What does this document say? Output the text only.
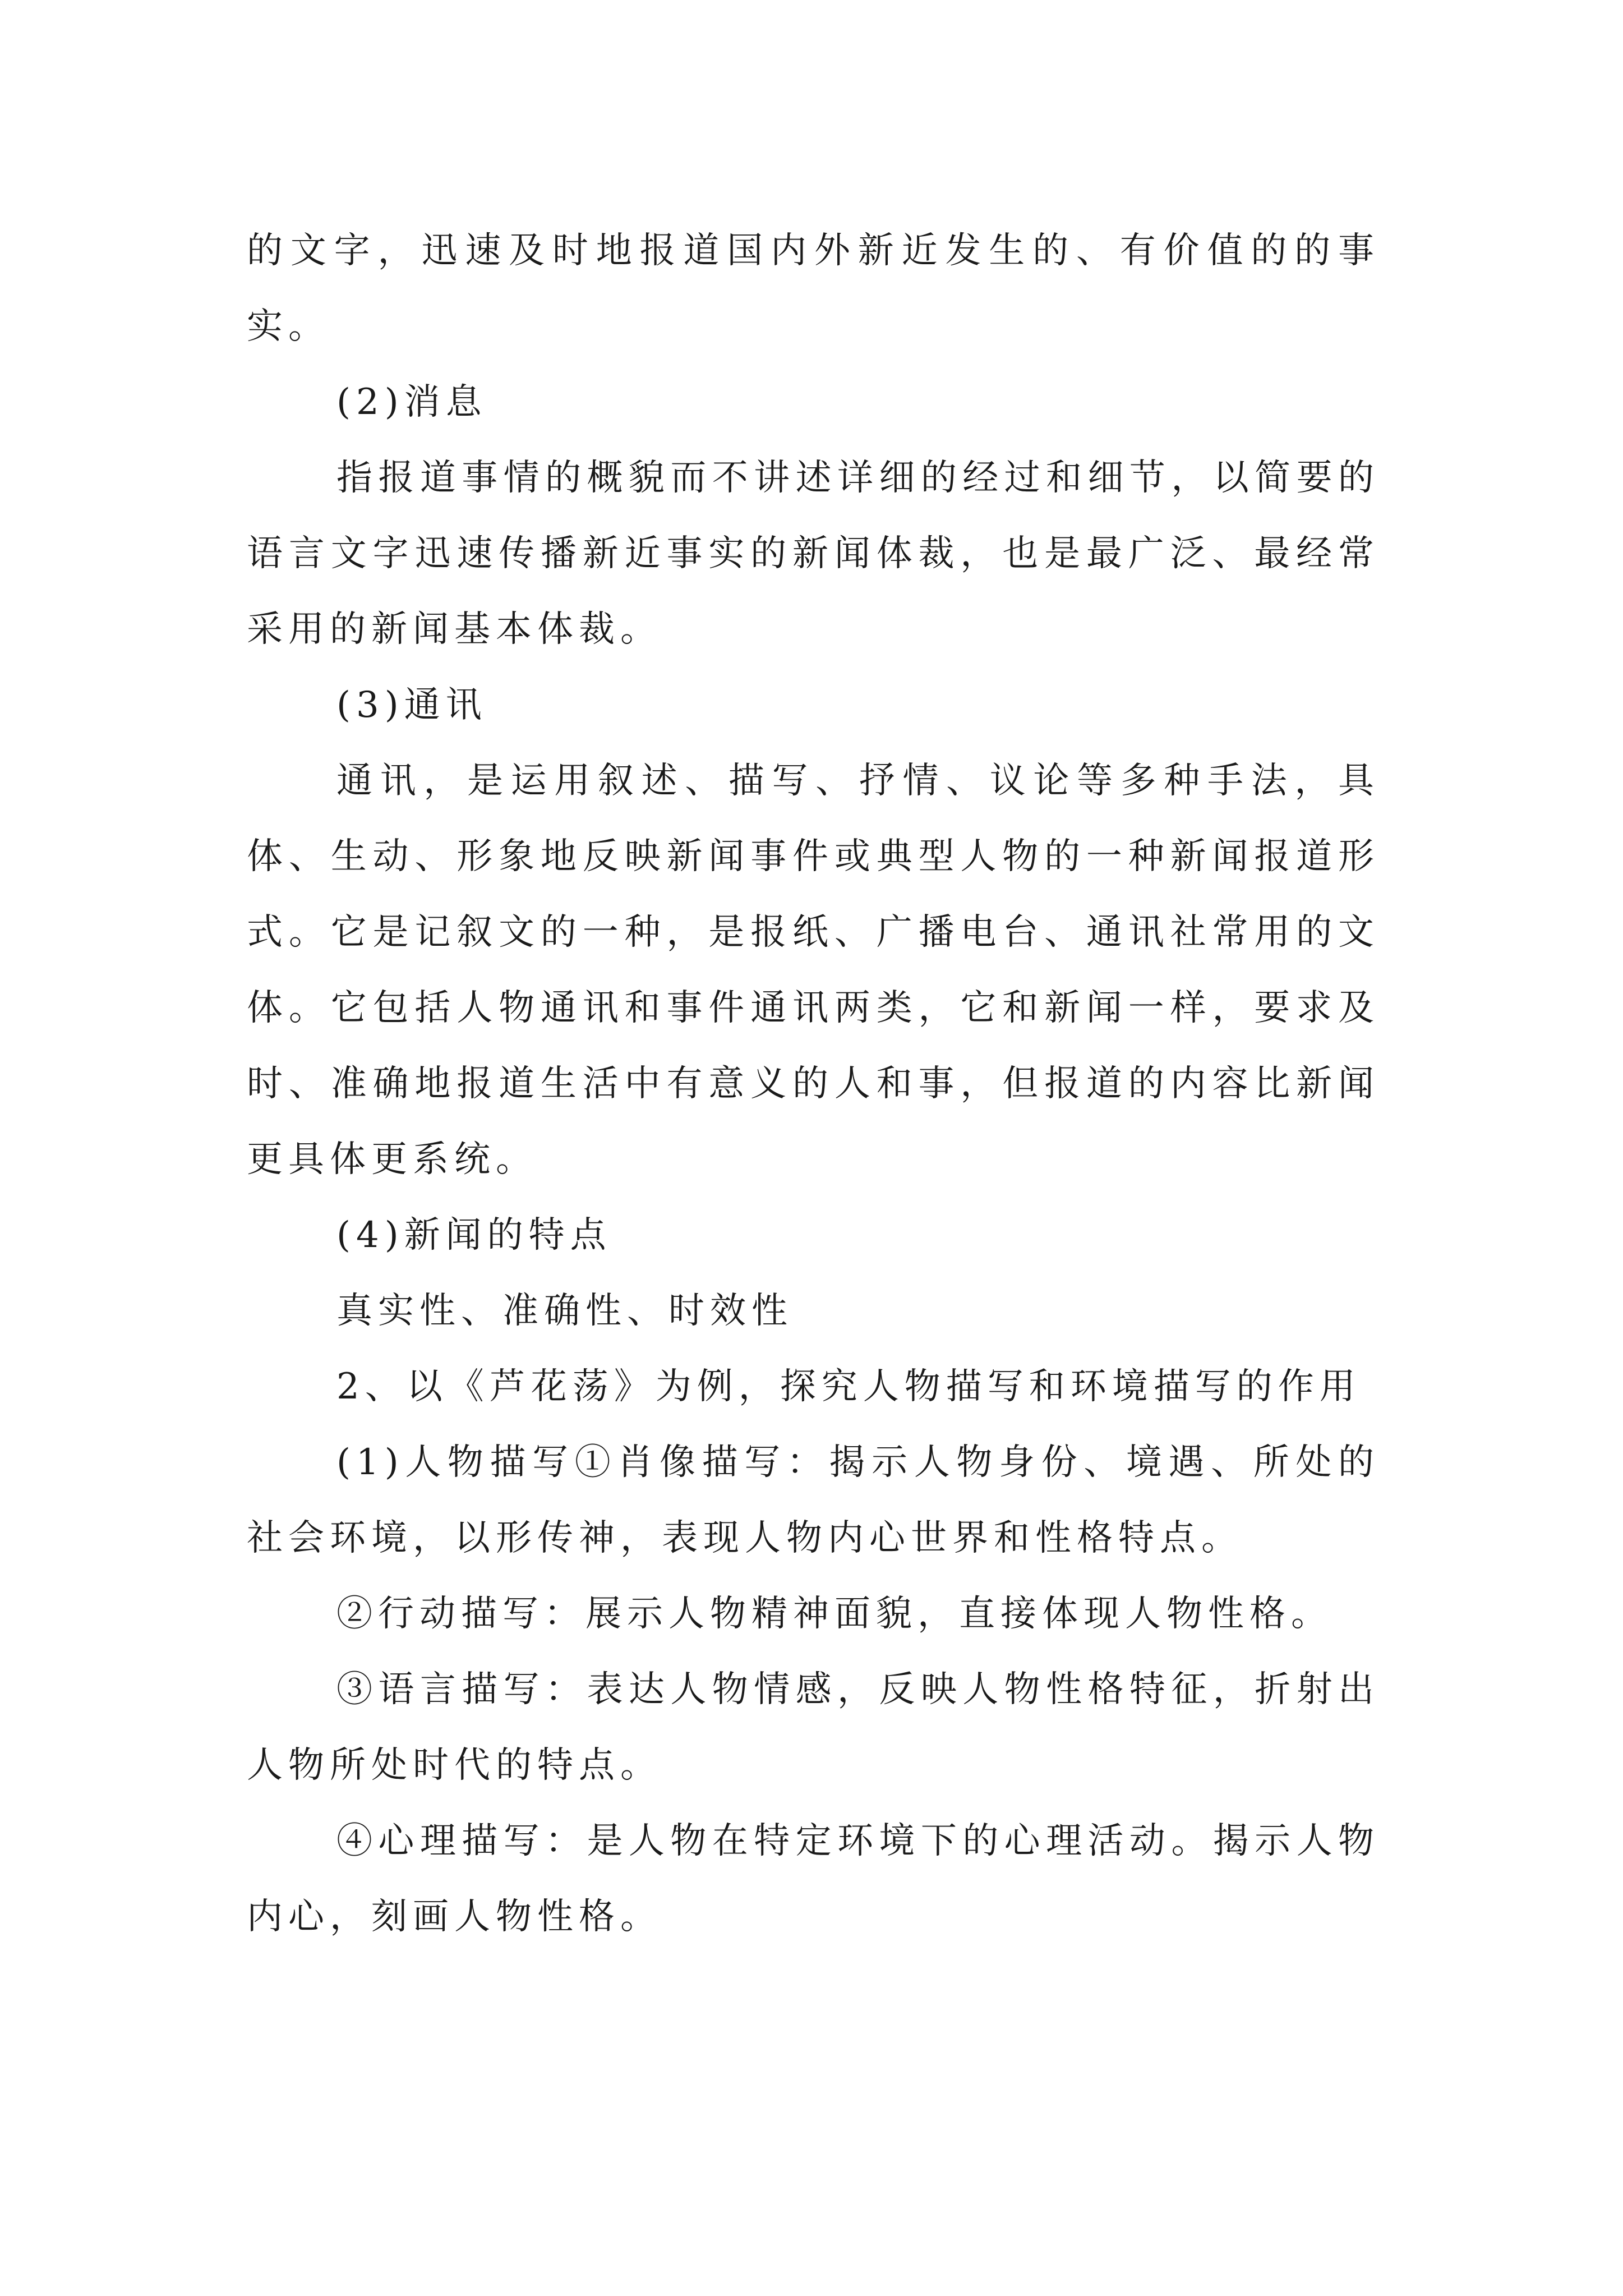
的文字，迅速及时地报道国内外新近发生的、有价值的的事实。

(2)消息

指报道事情的概貌而不讲述详细的经过和细节，以简要的语言文字迅速传播新近事实的新闻体裁，也是最广泛、最经常采用的新闻基本体裁。

(3)通讯

通讯，是运用叙述、描写、抒情、议论等多种手法，具体、生动、形象地反映新闻事件或典型人物的一种新闻报道形式。它是记叙文的一种，是报纸、广播电台、通讯社常用的文体。它包括人物通讯和事件通讯两类，它和新闻一样，要求及时、准确地报道生活中有意义的人和事，但报道的内容比新闻更具体更系统。

(4)新闻的特点

真实性、准确性、时效性

2、以《芦花荡》为例，探究人物描写和环境描写的作用

(1)人物描写①肖像描写：揭示人物身份、境遇、所处的社会环境，以形传神，表现人物内心世界和性格特点。

②行动描写：展示人物精神面貌，直接体现人物性格。

③语言描写：表达人物情感，反映人物性格特征，折射出人物所处时代的特点。

④心理描写：是人物在特定环境下的心理活动。揭示人物内心，刻画人物性格。
